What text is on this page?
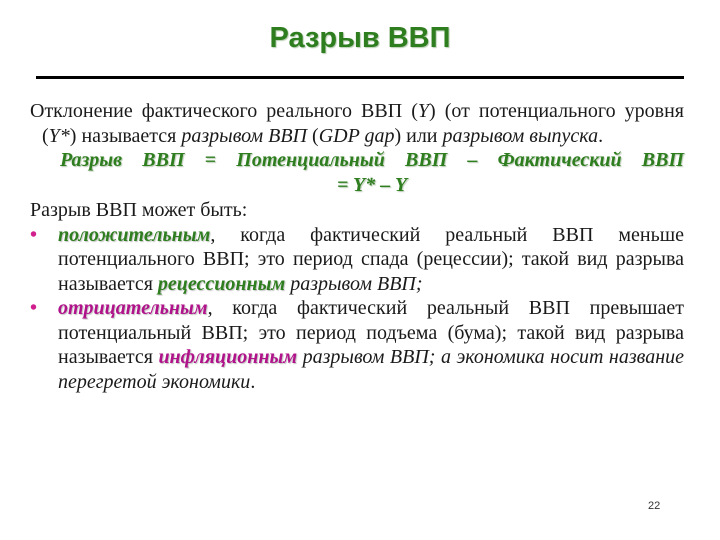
Разрыв ВВП
Отклонение фактического реального ВВП (Y) (от потенциального уровня (Y*) называется разрывом ВВП (GDP gap) или разрывом выпуска.
Разрыв ВВП = Потенциальный ВВП – Фактический ВВП
= Y* – Y
Разрыв ВВП может быть:
• положительным, когда фактический реальный ВВП меньше потенциального ВВП; это период спада (рецессии); такой вид разрыва называется рецессионным разрывом ВВП;
• отрицательным, когда фактический реальный ВВП превышает потенциальный ВВП; это период подъема (бума); такой вид разрыва называется инфляционным разрывом ВВП; а экономика носит название перегретой экономики.
22
